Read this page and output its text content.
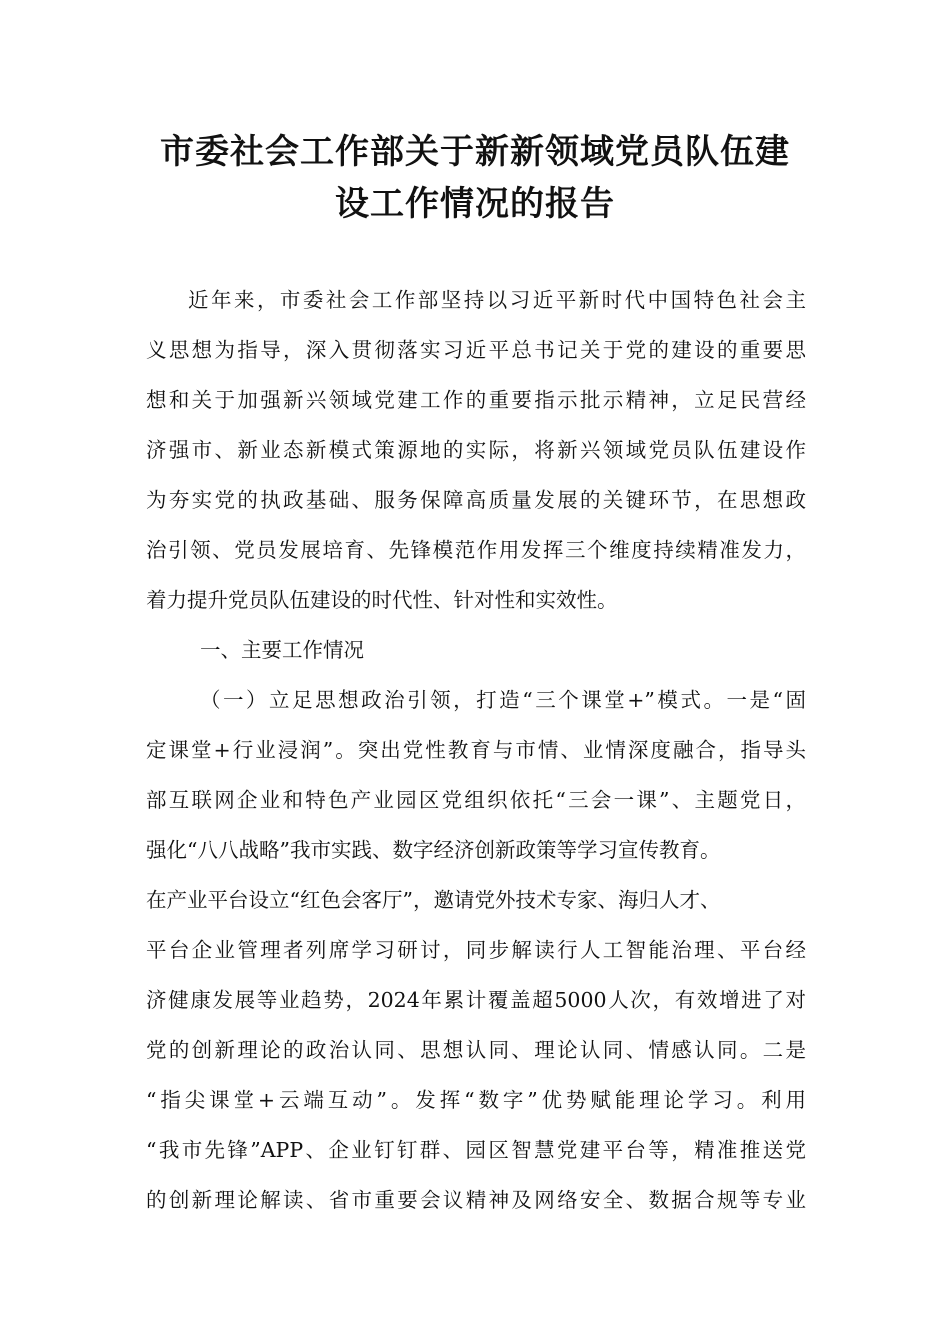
市委社会工作部关于新新领域党员队伍建
设工作情况的报告
近年来，市委社会工作部坚持以习近平新时代中国特色社会主
义思想为指导，深入贯彻落实习近平总书记关于党的建设的重要思
想和关于加强新兴领域党建工作的重要指示批示精神，立足民营经
济强市、新业态新模式策源地的实际，将新兴领域党员队伍建设作
为夯实党的执政基础、服务保障高质量发展的关键环节，在思想政
治引领、党员发展培育、先锋模范作用发挥三个维度持续精准发力，
着力提升党员队伍建设的时代性、针对性和实效性。
一、主要工作情况
（一）立足思想政治引领，打造“三个课堂+”模式。一是“固
定课堂+行业浸润”。突出党性教育与市情、业情深度融合，指导头
部互联网企业和特色产业园区党组织依托“三会一课”、主题党日，
强化“八八战略”我市实践、数字经济创新政策等学习宣传教育。
在产业平台设立“红色会客厅”，邀请党外技术专家、海归人才、
平台企业管理者列席学习研讨，同步解读行人工智能治理、平台经
济健康发展等业趋势，2024年累计覆盖超5000人次，有效增进了对
党的创新理论的政治认同、思想认同、理论认同、情感认同。二是
“指尖课堂+云端互动”。发挥“数字”优势赋能理论学习。利用
“我市先锋”APP、企业钉钉群、园区智慧党建平台等，精准推送党
的创新理论解读、省市重要会议精神及网络安全、数据合规等专业
